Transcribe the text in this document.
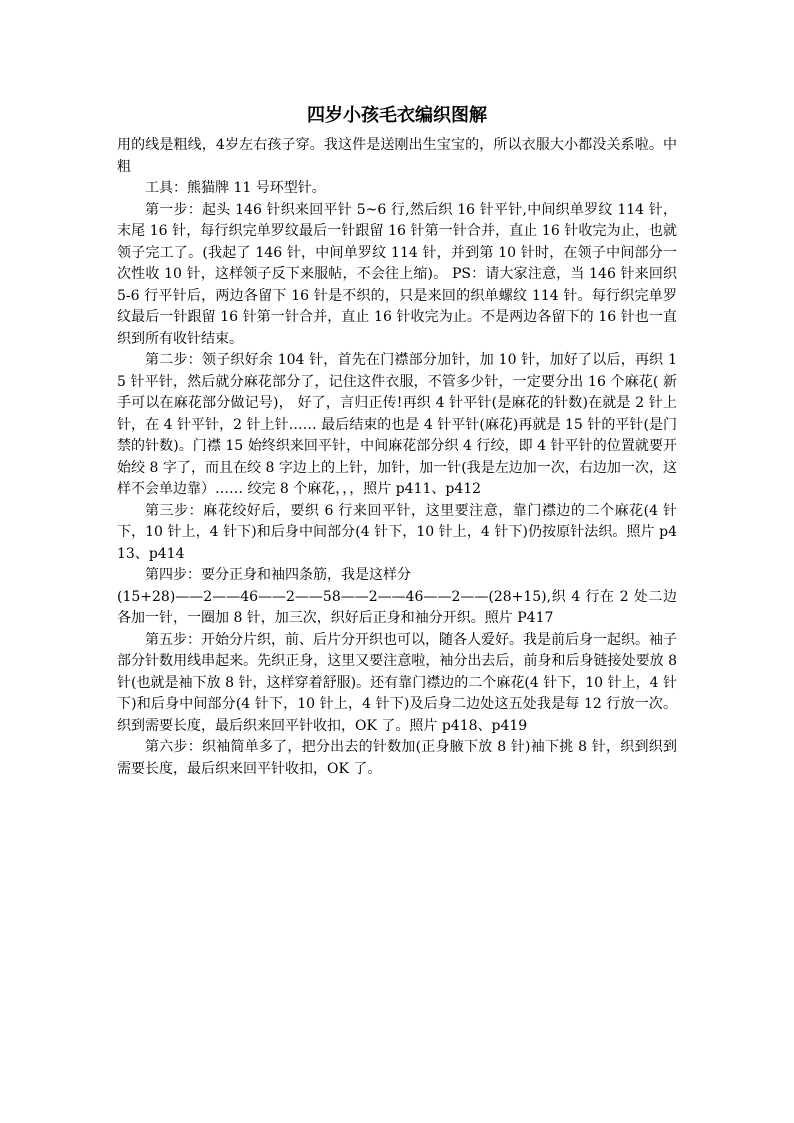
四岁小孩毛衣编织图解

用的线是粗线，4岁左右孩子穿。我这件是送刚出生宝宝的，所以衣服大小都没关系啦。中粗

工具：熊猫牌 11 号环型针。

第一步：起头 146 针织来回平针 5~6 行,然后织 16 针平针,中间织单罗纹 114 针，末尾 16 针，每行织完单罗纹最后一针跟留 16 针第一针合并，直止 16 针收完为止，也就领子完工了。(我起了 146 针，中间单罗纹 114 针，并到第 10 针时，在领子中间部分一次性收 10 针，这样领子反下来服帖，不会往上缩)。 PS：请大家注意，当 146 针来回织 5-6 行平针后，两边各留下 16 针是不织的，只是来回的织单螺纹 114 针。每行织完单罗纹最后一针跟留 16 针第一针合并，直止 16 针收完为止。不是两边各留下的 16 针也一直织到所有收针结束。

第二步：领子织好余 104 针，首先在门襟部分加针，加 10 针，加好了以后，再织 15 针平针，然后就分麻花部分了，记住这件衣服，不管多少针，一定要分出 16 个麻花( 新手可以在麻花部分做记号)， 好了，言归正传!再织 4 针平针(是麻花的针数)在就是 2 针上针，在 4 针平针，2 针上针…… 最后结束的也是 4 针平针(麻花)再就是 15 针的平针(是门禁的针数)。门襟 15 始终织来回平针，中间麻花部分织 4 行绞，即 4 针平针的位置就要开始绞 8 字了，而且在绞 8 字边上的上针，加针，加一针(我是左边加一次，右边加一次，这样不会单边靠）…… 绞完 8 个麻花，，，照片 p411、p412

第三步：麻花绞好后，要织 6 行来回平针，这里要注意，靠门襟边的二个麻花(4 针下，10 针上，4 针下)和后身中间部分(4 针下，10 针上，4 针下)仍按原针法织。照片 p413、p414

第四步：要分正身和袖四条筋，我是这样分

(15+28)——2——46——2——58——2——46——2——(28+15),织 4 行在 2 处二边各加一针，一圈加 8 针，加三次，织好后正身和袖分开织。照片 P417

第五步：开始分片织，前、后片分开织也可以，随各人爱好。我是前后身一起织。袖子部分针数用线串起来。先织正身，这里又要注意啦，袖分出去后，前身和后身链接处要放 8 针(也就是袖下放 8 针，这样穿着舒服)。还有靠门襟边的二个麻花(4 针下，10 针上，4 针下)和后身中间部分(4 针下，10 针上，4 针下)及后身二边处这五处我是每 12 行放一次。织到需要长度，最后织来回平针收扣，OK 了。照片 p418、p419

第六步：织袖简单多了，把分出去的针数加(正身腋下放 8 针)袖下挑 8 针，织到织到需要长度，最后织来回平针收扣，OK 了。
